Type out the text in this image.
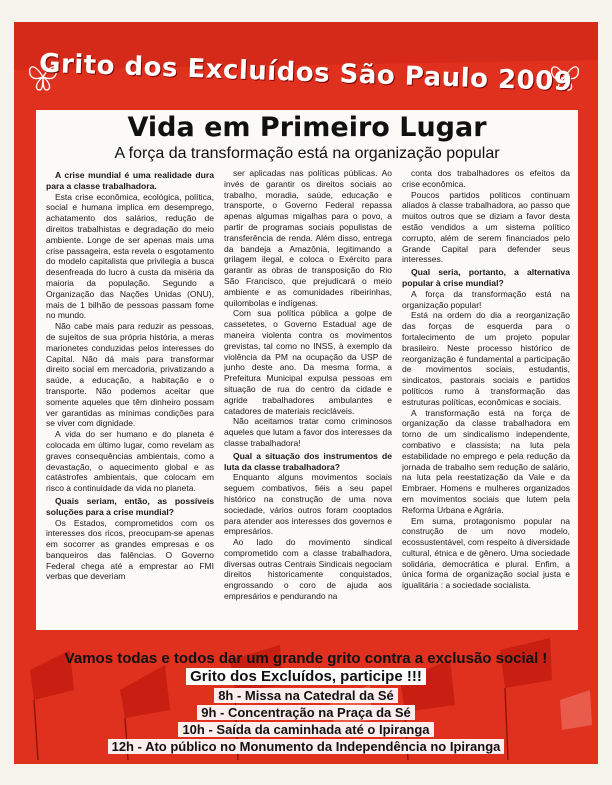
Grito dos Excluídos São Paulo 2009
Vida em Primeiro Lugar
A força da transformação está na organização popular
A crise mundial é uma realidade dura para a classe trabalhadora.

Esta crise econômica, ecológica, política, social e humana implica em desemprego, achatamento dos salários, redução de direitos trabalhistas e degradação do meio ambiente. Longe de ser apenas mais uma crise passageira, esta revela o esgotamento do modelo capitalista que privilegia a busca desenfreada do lucro à custa da miséria da maioria da população. Segundo a Organização das Nações Unidas (ONU), mais de 1 bilhão de pessoas passam fome no mundo.

Não cabe mais para reduzir as pessoas, de sujeitos de sua própria história, a meras marionetes conduzidas pelos interesses do Capital. Não dá mais para transformar direito social em mercadoria, privatizando a saúde, a educação, a habitação e o transporte. Não podemos aceitar que somente aqueles que têm dinheiro possam ver garantidas as mínimas condições para se viver com dignidade.

A vida do ser humano e do planeta é colocada em último lugar, como revelam as graves consequências ambientais, como a devastação, o aquecimento global e as catástrofes ambientais, que colocam em risco a continuidade da vida no planeta.

Quais seriam, então, as possíveis soluções para a crise mundial?

Os Estados, comprometidos com os interesses dos ricos, preocupam-se apenas em socorrer as grandes empresas e os banqueiros das falências. O Governo Federal chega até a emprestar ao FMI verbas que deveriam

ser aplicadas nas políticas públicas. Ao invés de garantir os direitos sociais ao trabalho, moradia, saúde, educação e transporte, o Governo Federal repassa apenas algumas migalhas para o povo, a partir de programas sociais populistas de transferência de renda. Além disso, entrega da bandeja a Amazônia, legitimando a grilagem ilegal, e coloca o Exército para garantir as obras de transposição do Rio São Francisco, que prejudicará o meio ambiente e as comunidades ribeirinhas, quilombolas e indígenas.

Com sua política pública a golpe de cassetetes, o Governo Estadual age de maneira violenta contra os movimentos grevistas, tal como no INSS, à exemplo da violência da PM na ocupação da USP de junho deste ano. Da mesma forma, a Prefeitura Municipal expulsa pessoas em situação de rua do centro da cidade e agride trabalhadores ambulantes e catadores de materiais recicláveis.

Não aceitamos tratar como criminosos aqueles que lutam a favor dos interesses da classe trabalhadora!

Qual a situação dos instrumentos de luta da classe trabalhadora?

Enquanto alguns movimentos sociais seguem combativos, fiéis a seu papel histórico na construção de uma nova sociedade, vários outros foram cooptados para atender aos interesses dos governos e empresários.

Ao lado do movimento sindical comprometido com a classe trabalhadora, diversas outras Centrais Sindicais negociam direitos historicamente conquistados, engrossando o coro de ajuda aos empresários e pendurando na

conta dos trabalhadores os efeitos da crise econômica.

Poucos partidos políticos continuam aliados à classe trabalhadora, ao passo que muitos outros que se diziam a favor desta estão vendidos a um sistema político corrupto, além de serem financiados pelo Grande Capital para defender seus interesses.

Qual seria, portanto, a alternativa popular à crise mundial?

A força da transformação está na organização popular!

Está na ordem do dia a reorganização das forças de esquerda para o fortalecimento de um projeto popular brasileiro. Neste processo histórico de reorganização é fundamental a participação de movimentos sociais, estudantis, sindicatos, pastorais sociais e partidos políticos rumo à transformação das estruturas políticas, econômicas e sociais.

A transformação está na força de organização da classe trabalhadora em torno de um sindicalismo independente, combativo e classista; na luta pela estabilidade no emprego e pela redução da jornada de trabalho sem redução de salário, na luta pela reestatização da Vale e da Embraer. Homens e mulheres organizados em movimentos sociais que lutem pela Reforma Urbana e Agrária.

Em suma, protagonismo popular na construção de um novo modelo, ecossustentável, com respeito à diversidade cultural, étnica e de gênero. Uma sociedade solidária, democrática e plural. Enfim, a única forma de organização social justa e igualitária : a sociedade socialista.

Vamos todas e todos dar um grande grito contra a exclusão social !
Grito dos Excluídos, participe !!!
8h - Missa na Catedral da Sé
9h - Concentração na Praça da Sé
10h - Saída da caminhada até o Ipiranga
12h - Ato público no Monumento da Independência no Ipiranga
